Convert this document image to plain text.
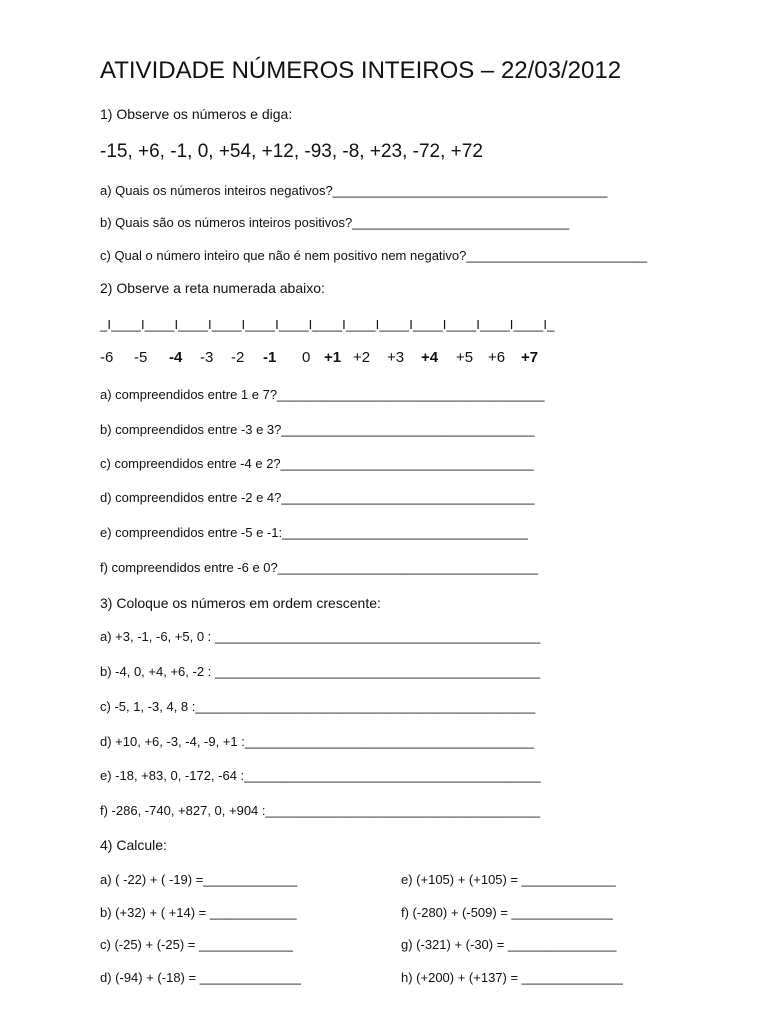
ATIVIDADE NÚMEROS INTEIROS – 22/03/2012
1) Observe os números e diga:
-15, +6, -1, 0, +54, +12, -93, -8, +23, -72, +72
a) Quais os números inteiros negativos?______________________________________
b) Quais são os números inteiros positivos?______________________________
c) Qual o número inteiro que não é nem positivo nem negativo?_________________________
2) Observe a reta numerada abaixo:
_I____I____I____I____I____I____I____I____I____I____I____I____I____I_
-6 -5 -4 -3 -2 -1 0 +1 +2 +3 +4 +5 +6 +7
a) compreendidos entre 1 e 7?_____________________________________
b) compreendidos entre -3 e 3?___________________________________
c) compreendidos entre -4 e 2?___________________________________
d) compreendidos entre -2 e 4?___________________________________
e) compreendidos entre -5 e -1:__________________________________
f) compreendidos entre -6 e 0?____________________________________
3) Coloque os números em ordem crescente:
a) +3, -1, -6, +5, 0 : _____________________________________________
b) -4, 0, +4, +6, -2 : _____________________________________________
c) -5, 1, -3, 4, 8 :_______________________________________________
d) +10, +6, -3, -4, -9, +1 :________________________________________
e) -18, +83, 0, -172, -64 :_________________________________________
f) -286, -740, +827, 0, +904 :______________________________________
4) Calcule:
a) ( -22) + ( -19) =_____________
b) (+32) + ( +14) = ____________
c) (-25) + (-25) = _____________
d) (-94) + (-18) = ______________
e) (+105) + (+105) = _____________
f) (-280) + (-509) = ______________
g) (-321) + (-30) = _______________
h) (+200) + (+137) = ______________
